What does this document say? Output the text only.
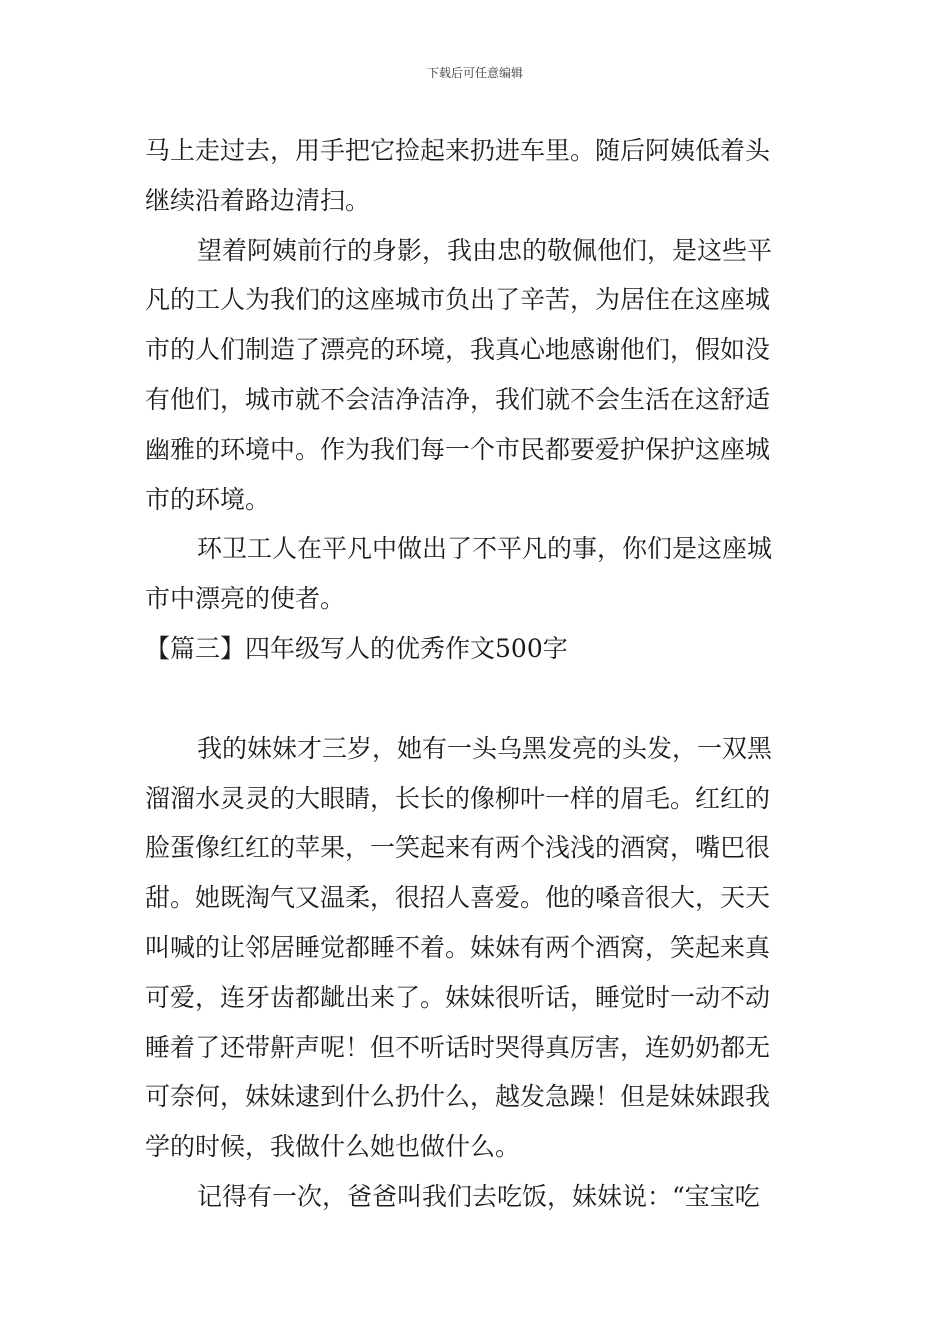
下载后可任意编辑
马上走过去，用手把它捡起来扔进车里。随后阿姨低着头
继续沿着路边清扫。
望着阿姨前行的身影，我由忠的敬佩他们，是这些平
凡的工人为我们的这座城市负出了辛苦，为居住在这座城
市的人们制造了漂亮的环境，我真心地感谢他们，假如没
有他们，城市就不会洁净洁净，我们就不会生活在这舒适
幽雅的环境中。作为我们每一个市民都要爱护保护这座城
市的环境。
环卫工人在平凡中做出了不平凡的事，你们是这座城
市中漂亮的使者。
【篇三】四年级写人的优秀作文500字
我的妹妹才三岁，她有一头乌黑发亮的头发，一双黑
溜溜水灵灵的大眼睛，长长的像柳叶一样的眉毛。红红的
脸蛋像红红的苹果，一笑起来有两个浅浅的酒窝，嘴巴很
甜。她既淘气又温柔，很招人喜爱。他的嗓音很大，天天
叫喊的让邻居睡觉都睡不着。妹妹有两个酒窝，笑起来真
可爱，连牙齿都龇出来了。妹妹很听话，睡觉时一动不动
睡着了还带鼾声呢！但不听话时哭得真厉害，连奶奶都无
可奈何，妹妹逮到什么扔什么，越发急躁！但是妹妹跟我
学的时候，我做什么她也做什么。
记得有一次，爸爸叫我们去吃饭，妹妹说：“宝宝吃
